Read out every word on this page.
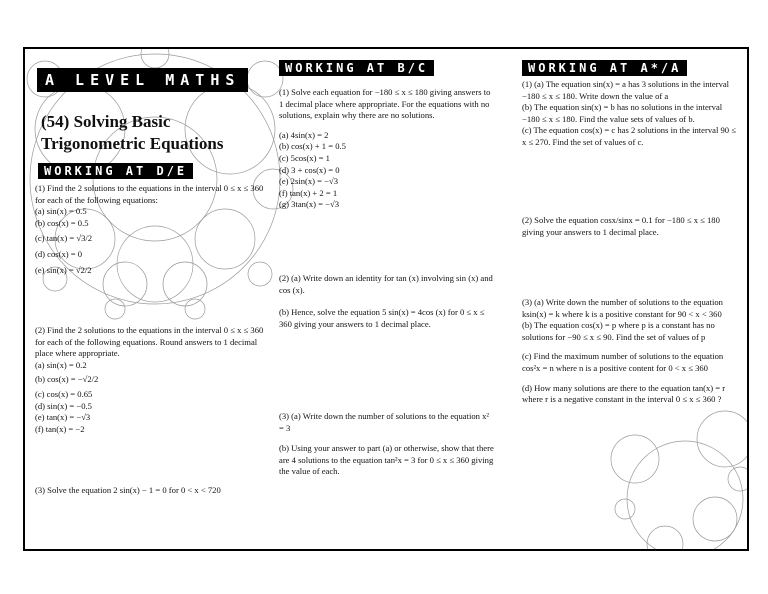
A LEVEL MATHS
(54) Solving Basic
Trigonometric Equations
WORKING AT D/E

(1) Find the 2 solutions to the equations in the interval 0 ≤ x ≤ 360 for each of the following equations:

(a) sin(x) = 0.5
(b) cos(x) = 0.5
(c) tan(x) = √3/2
(d) cos(x) = 0
(e) sin(x) = √2/2

(2) Find the 2 solutions to the equations in the interval 0 ≤ x ≤ 360 for each of the following equations. Round answers to 1 decimal place where appropriate.

(a) sin(x) = 0.2
(b) cos(x) = −√2/2
(c) cos(x) = 0.65
(d) sin(x) = −0.5
(e) tan(x) = −√3
(f) tan(x) = −2
(3) Solve the equation 2 sin(x) − 1 = 0 for 0 < x < 720
WORKING AT B/C

(1) Solve each equation for −180 ≤ x ≤ 180 giving answers to 1 decimal place where appropriate. For the equations with no solutions, explain why there are no solutions.

(a) 4sin(x) = 2
(b) cos(x) + 1 = 0.5
(c) 5cos(x) = 1
(d) 3 + cos(x) = 0
(e) 2sin(x) = −√3
(f) tan(x) + 2 = 1
(g) 3tan(x) = −√3
(2) (a) Write down an identity for tan (x) involving sin (x) and cos (x).
(b) Hence, solve the equation 5 sin(x) = 4cos (x) for 0 ≤ x ≤ 360 giving your answers to 1 decimal place.
(3) (a) Write down the number of solutions to the equation x² = 3
(b) Using your answer to part (a) or otherwise, show that there are 4 solutions to the equation tan²x = 3 for 0 ≤ x ≤ 360 giving the value of each.
WORKING AT A*/A

(1) (a) The equation sin(x) = a has 3 solutions in the interval −180 ≤ x ≤ 180. Write down the value of a

(b) The equation sin(x) = b has no solutions in the interval −180 ≤ x ≤ 180. Find the value sets of values of b.

(c) The equation cos(x) = c has 2 solutions in the interval 90 ≤ x ≤ 270. Find the set of values of c.

(2) Solve the equation cosx/sinx = 0.1 for −180 ≤ x ≤ 180 giving your answers to 1 decimal place.

(3) (a) Write down the number of solutions to the equation ksin(x) = k where k is a positive constant for 90 < x < 360

(b) The equation cos(x) = p where p is a constant has no solutions for −90 ≤ x ≤ 90. Find the set of values of p

(c) Find the maximum number of solutions to the equation cos²x = n where n is a positive content for 0 < x ≤ 360

(d) How many solutions are there to the equation tan(x) = r where r is a negative constant in the interval 0 ≤ x ≤ 360 ?
